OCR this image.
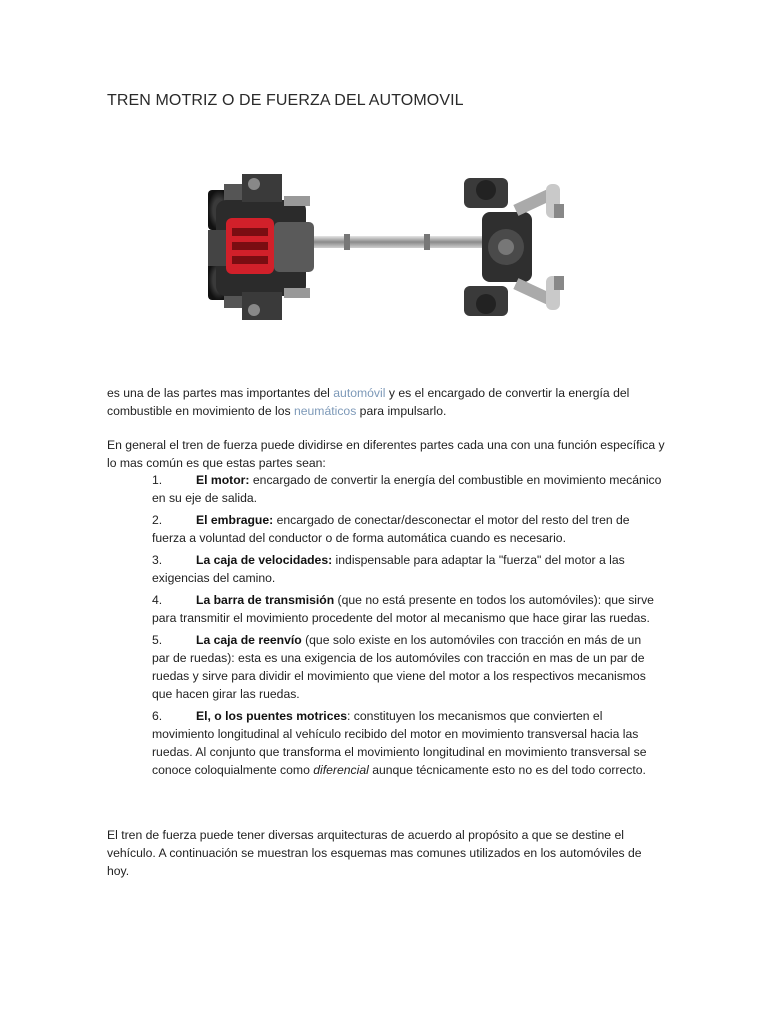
TREN MOTRIZ O DE FUERZA DEL AUTOMOVIL

es una de las partes mas importantes del automóvil y es el encargado de convertir la energía del combustible en movimiento de los neumáticos para impulsarlo.

En general el tren de fuerza puede dividirse en diferentes partes cada una con una función específica y lo mas común es que estas partes sean:

1.	El motor: encargado de convertir la energía del combustible en movimiento mecánico en su eje de salida.
2.	El embrague: encargado de conectar/desconectar el motor del resto del tren de fuerza a voluntad del conductor o de forma automática cuando es necesario.
3.	La caja de velocidades: indispensable para adaptar la "fuerza" del motor a las exigencias del camino.
4.	La barra de transmisión (que no está presente en todos los automóviles): que sirve para transmitir el movimiento procedente del motor al mecanismo que hace girar las ruedas.
5.	La caja de reenvío (que solo existe en los automóviles con tracción en más de un par de ruedas): esta es una exigencia de los automóviles con tracción en mas de un par de ruedas y sirve para dividir el movimiento que viene del motor a los respectivos mecanismos que hacen girar las ruedas.
6.	El, o los puentes motrices: constituyen los mecanismos que convierten el movimiento longitudinal al vehículo recibido del motor en movimiento transversal hacia las ruedas. Al conjunto que transforma el movimiento longitudinal en movimiento transversal se conoce coloquialmente como diferencial aunque técnicamente esto no es del todo correcto.

El tren de fuerza puede tener diversas arquitecturas de acuerdo al propósito a que se destine el vehículo. A continuación se muestran los esquemas mas comunes utilizados en los automóviles de hoy.
